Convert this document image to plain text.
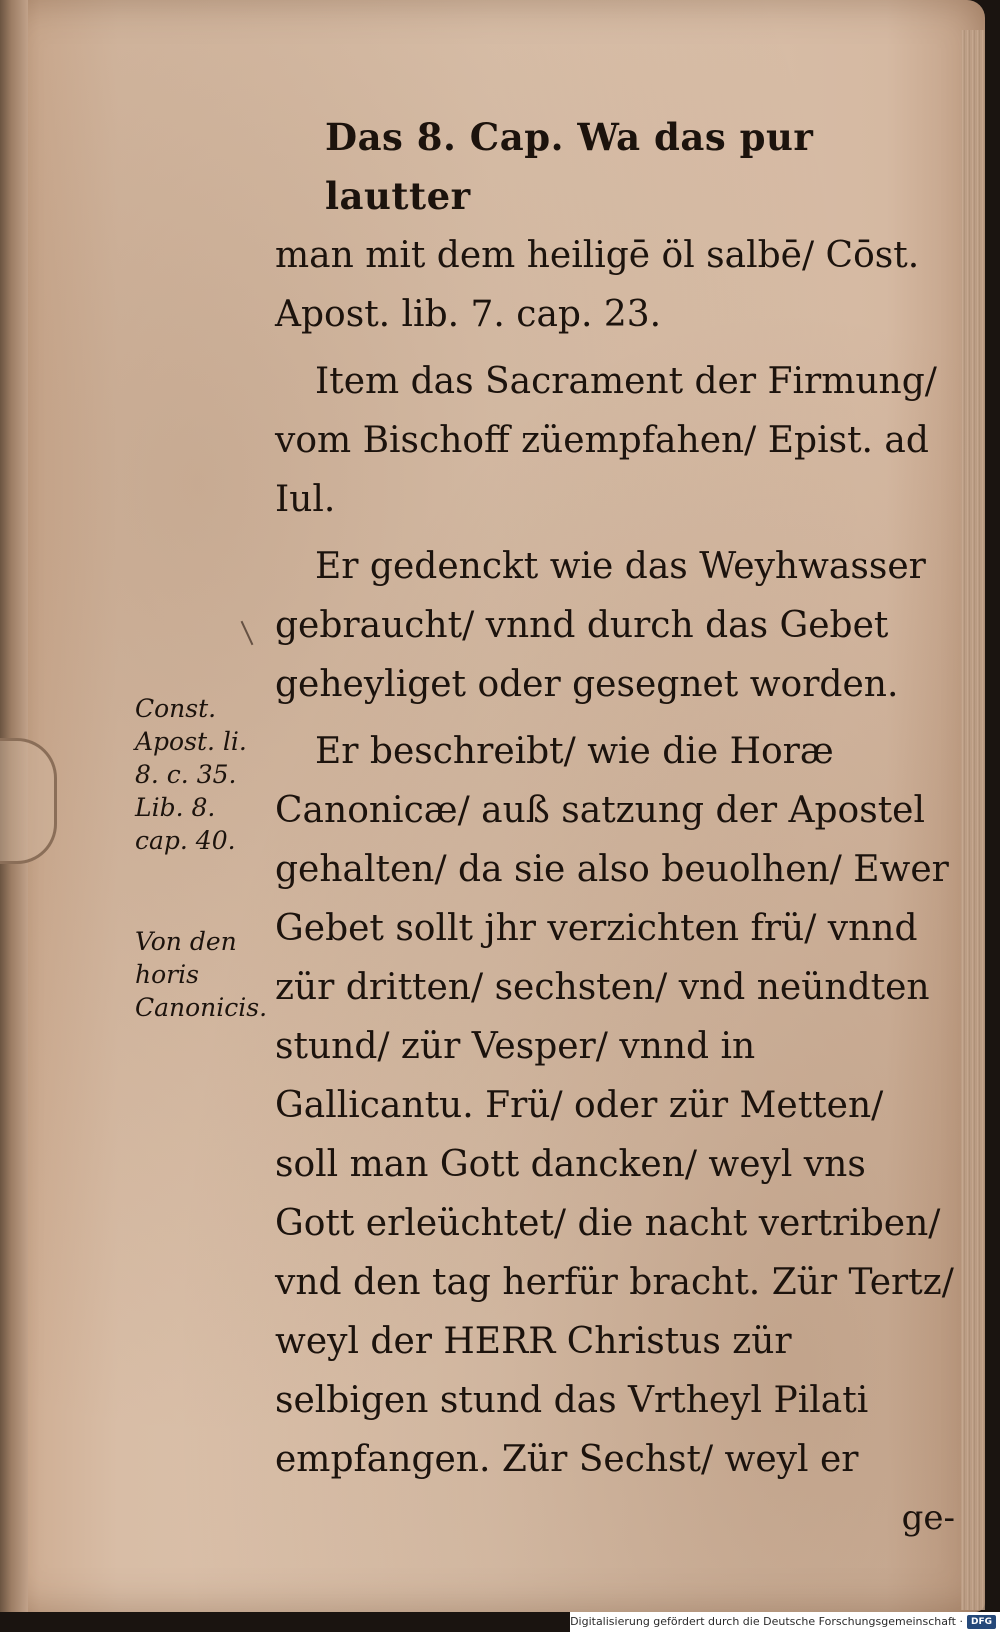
Das 8. Cap. Wa das pur lautter

man mit dem heiligē öl salbē/ Cōst. Apost. lib. 7. cap. 23.

Item das Sacrament der Firmung/ vom Bischoff züempfahen/ Epist. ad Iul.

Er gedenckt wie das Weyhwasser gebraucht/ vnnd durch das Gebet geheyliget oder gesegnet worden.

Er beschreibt/ wie die Horæ Canonicæ/ auß satzung der Apostel gehalten/ da sie also beuolhen/ Ewer Gebet sollt jhr verzichten frü/ vnnd zür dritten/ sechsten/ vnd neündten stund/ zür Vesper/ vnnd in Gallicantu. Frü/ oder zür Metten/ soll man Gott dancken/ weyl vns Gott erleüchtet/ die nacht vertriben/ vnd den tag herfür bracht. Zür Tertz/ weyl der HERR Christus zür selbigen stund das Vrtheyl Pilati empfangen. Zür Sechst/ weyl er

ge-

Const. Apost. li. 8. c. 35. Lib. 8. cap. 40.
Von den horis Canonicis.
Digitalisierung gefördert durch die Deutsche Forschungsgemeinschaft · DFG
